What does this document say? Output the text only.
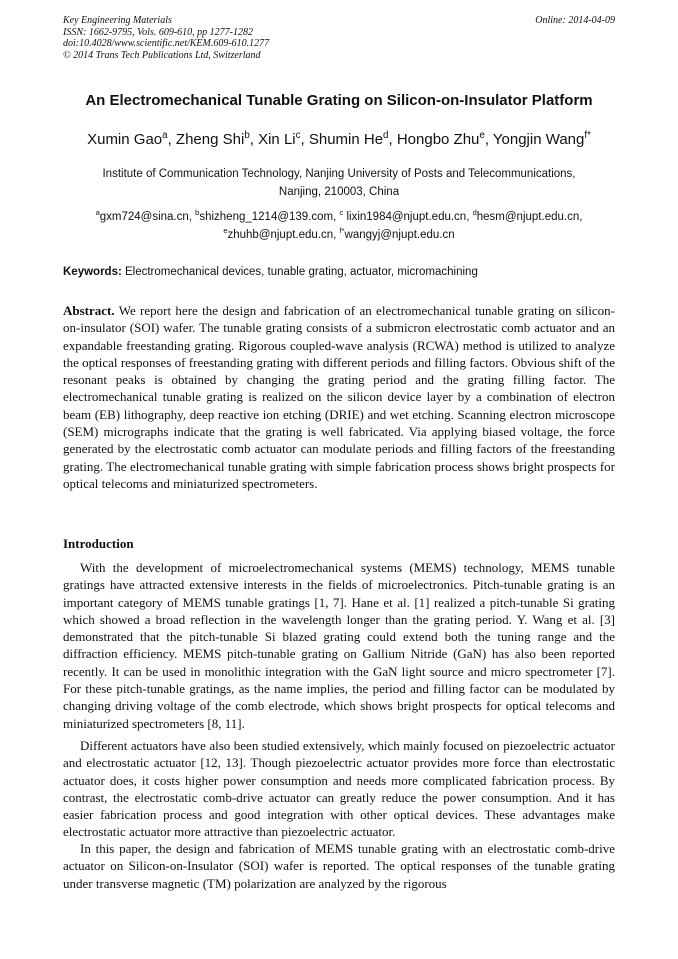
Key Engineering Materials
ISSN: 1662-9795, Vols. 609-610, pp 1277-1282
doi:10.4028/www.scientific.net/KEM.609-610.1277
© 2014 Trans Tech Publications Ltd, Switzerland
Online: 2014-04-09
An Electromechanical Tunable Grating on Silicon-on-Insulator Platform
Xumin Gao$^a$, Zheng Shi$^b$, Xin Li$^c$, Shumin He$^d$, Hongbo Zhu$^e$, Yongjin Wang$^{f*}$
Institute of Communication Technology, Nanjing University of Posts and Telecommunications,
Nanjing, 210003, China
$^a$gxm724@sina.cn, $^b$shizheng_1214@139.com, $^c$ lixin1984@njupt.edu.cn, $^d$hesm@njupt.edu.cn,
$^e$zhuhb@njupt.edu.cn, $^{f*}$wangyj@njupt.edu.cn
Keywords: Electromechanical devices, tunable grating, actuator, micromachining

Abstract. We report here the design and fabrication of an electromechanical tunable grating on silicon-on-insulator (SOI) wafer. The tunable grating consists of a submicron electrostatic comb actuator and an expandable freestanding grating. Rigorous coupled-wave analysis (RCWA) method is utilized to analyze the optical responses of freestanding grating with different periods and filling factors. Obvious shift of the resonant peaks is obtained by changing the grating period and the grating filling factor. The electromechanical tunable grating is realized on the silicon device layer by a combination of electron beam (EB) lithography, deep reactive ion etching (DRIE) and wet etching. Scanning electron microscope (SEM) micrographs indicate that the grating is well fabricated. Via applying biased voltage, the force generated by the electrostatic comb actuator can modulate periods and filling factors of the freestanding grating. The electromechanical tunable grating with simple fabrication process shows bright prospects for optical telecoms and miniaturized spectrometers.

Introduction

With the development of microelectromechanical systems (MEMS) technology, MEMS tunable gratings have attracted extensive interests in the fields of microelectronics. Pitch-tunable grating is an important category of MEMS tunable gratings [1, 7]. Hane et al. [1] realized a pitch-tunable Si grating which showed a broad reflection in the wavelength longer than the grating period. Y. Wang et al. [3] demonstrated that the pitch-tunable Si blazed grating could extend both the tuning range and the diffraction efficiency. MEMS pitch-tunable grating on Gallium Nitride (GaN) has also been reported recently. It can be used in monolithic integration with the GaN light source and micro spectrometer [7]. For these pitch-tunable gratings, as the name implies, the period and filling factor can be modulated by changing driving voltage of the comb electrode, which shows bright prospects for optical telecoms and miniaturized spectrometers [8, 11].

Different actuators have also been studied extensively, which mainly focused on piezoelectric actuator and electrostatic actuator [12, 13]. Though piezoelectric actuator provides more force than electrostatic actuator does, it costs higher power consumption and needs more complicated fabrication process. By contrast, the electrostatic comb-drive actuator can greatly reduce the power consumption. And it has easier fabrication process and good integration with other optical devices. These advantages make electrostatic actuator more attractive than piezoelectric actuator.

In this paper, the design and fabrication of MEMS tunable grating with an electrostatic comb-drive actuator on Silicon-on-Insulator (SOI) wafer is reported. The optical responses of the tunable grating under transverse magnetic (TM) polarization are analyzed by the rigorous
